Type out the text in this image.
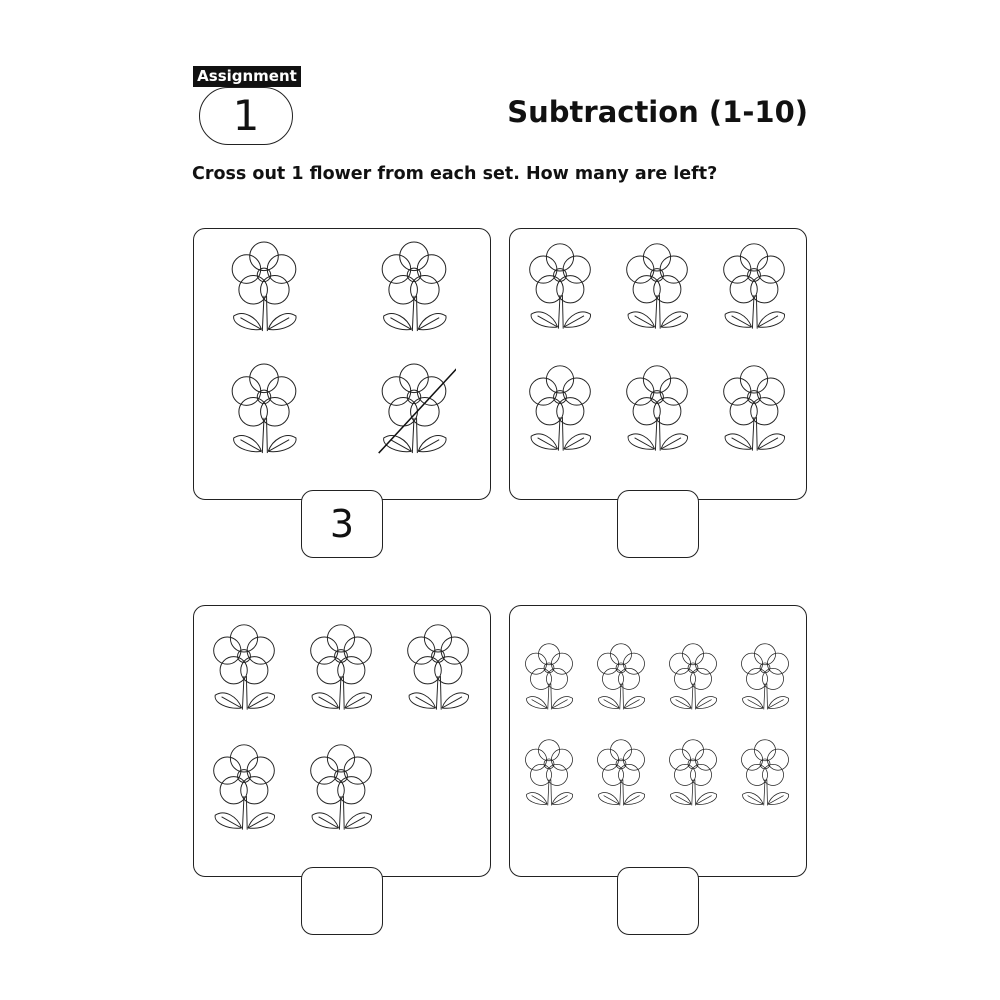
Assignment
1	Subtraction (1-10)
Cross out 1 flower from each set. How many are left?
3
